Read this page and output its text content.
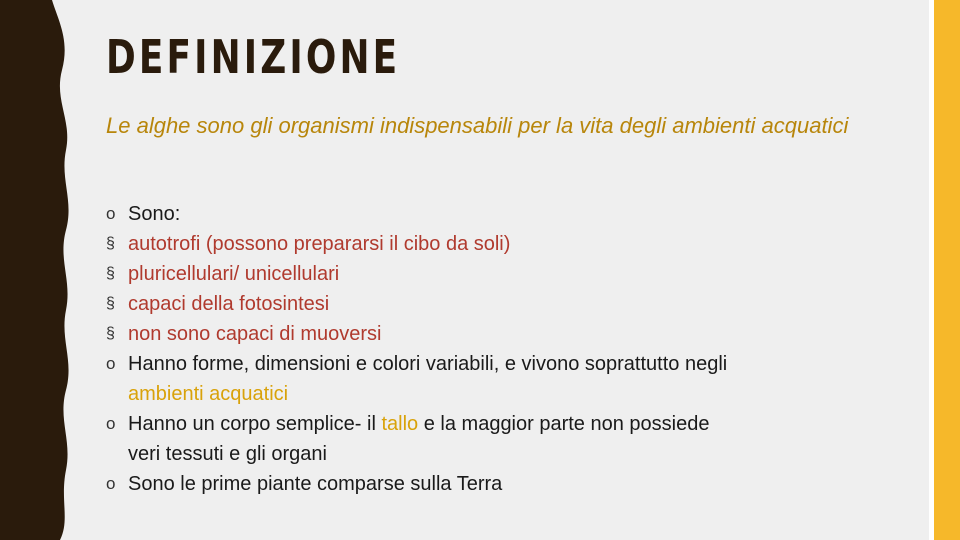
DEFINIZIONE
Le alghe sono gli organismi indispensabili per la vita degli ambienti acquatici
o Sono:
§ autotrofi (possono prepararsi il cibo da soli)
§ pluricellulari/ unicellulari
§ capaci della fotosintesi
§ non sono capaci di muoversi
o Hanno forme, dimensioni e colori variabili, e vivono soprattutto negli
ambienti acquatici
o Hanno un corpo semplice- il tallo e la maggior parte non possiede
veri tessuti e gli organi
o Sono le prime piante comparse sulla Terra
